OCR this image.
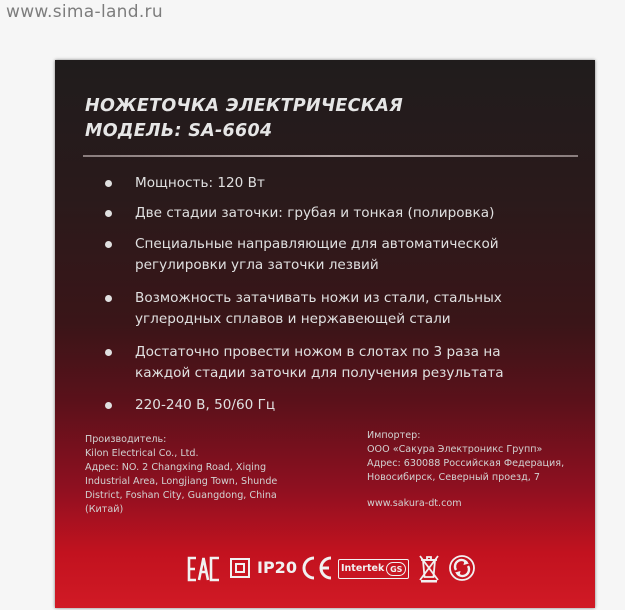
www.sima-land.ru
НОЖЕТОЧКА ЭЛЕКТРИЧЕСКАЯ
МОДЕЛЬ: SA-6604
Мощность: 120 Вт
Две стадии заточки: грубая и тонкая (полировка)
Специальные направляющие для автоматической
регулировки угла заточки лезвий
Возможность затачивать ножи из стали, стальных
углеродных сплавов и нержавеющей стали
Достаточно провести ножом в слотах по 3 раза на
каждой стадии заточки для получения результата
220-240 В, 50/60 Гц
Производитель:
Kilon Electrical Co., Ltd.
Адрес: NO. 2 Changxing Road, Xiqing
Industrial Area, Longjiang Town, Shunde
District, Foshan City, Guangdong, China
(Китай)
Импортер:
ООО «Сакура Электроникс Групп»
Адрес: 630088 Российская Федерация,
Новосибирск, Северный проезд, 7
www.sakura-dt.com
IP20	Intertek GS
